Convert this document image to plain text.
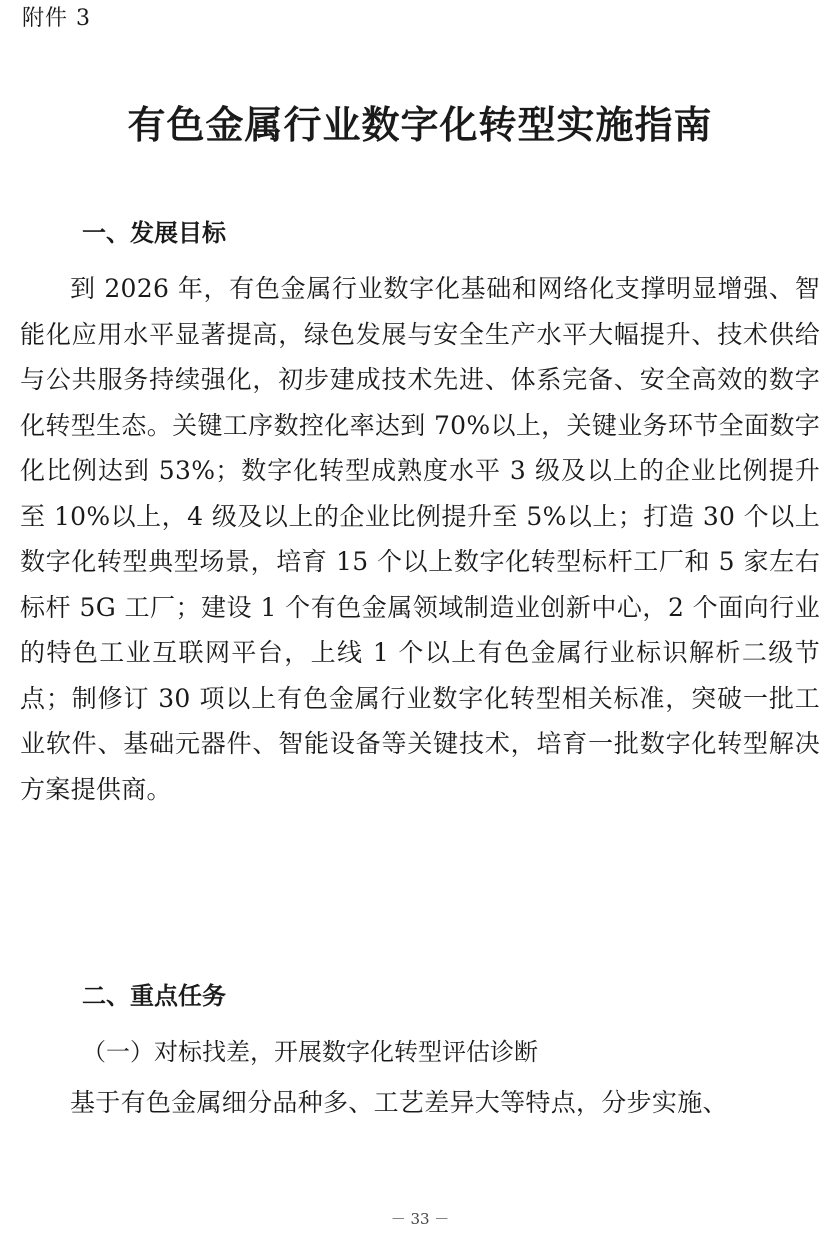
附件 3
有色金属行业数字化转型实施指南
一、发展目标

到 2026 年，有色金属行业数字化基础和网络化支撑明显增强、智能化应用水平显著提高，绿色发展与安全生产水平大幅提升、技术供给与公共服务持续强化，初步建成技术先进、体系完备、安全高效的数字化转型生态。关键工序数控化率达到 70%以上，关键业务环节全面数字化比例达到 53%；数字化转型成熟度水平 3 级及以上的企业比例提升至 10%以上，4 级及以上的企业比例提升至 5%以上；打造 30 个以上数字化转型典型场景，培育 15 个以上数字化转型标杆工厂和 5 家左右标杆 5G 工厂；建设 1 个有色金属领域制造业创新中心，2 个面向行业的特色工业互联网平台，上线 1 个以上有色金属行业标识解析二级节点；制修订 30 项以上有色金属行业数字化转型相关标准，突破一批工业软件、基础元器件、智能设备等关键技术，培育一批数字化转型解决方案提供商。

二、重点任务
（一）对标找差，开展数字化转型评估诊断

基于有色金属细分品种多、工艺差异大等特点，分步实施、

－ 33 －
